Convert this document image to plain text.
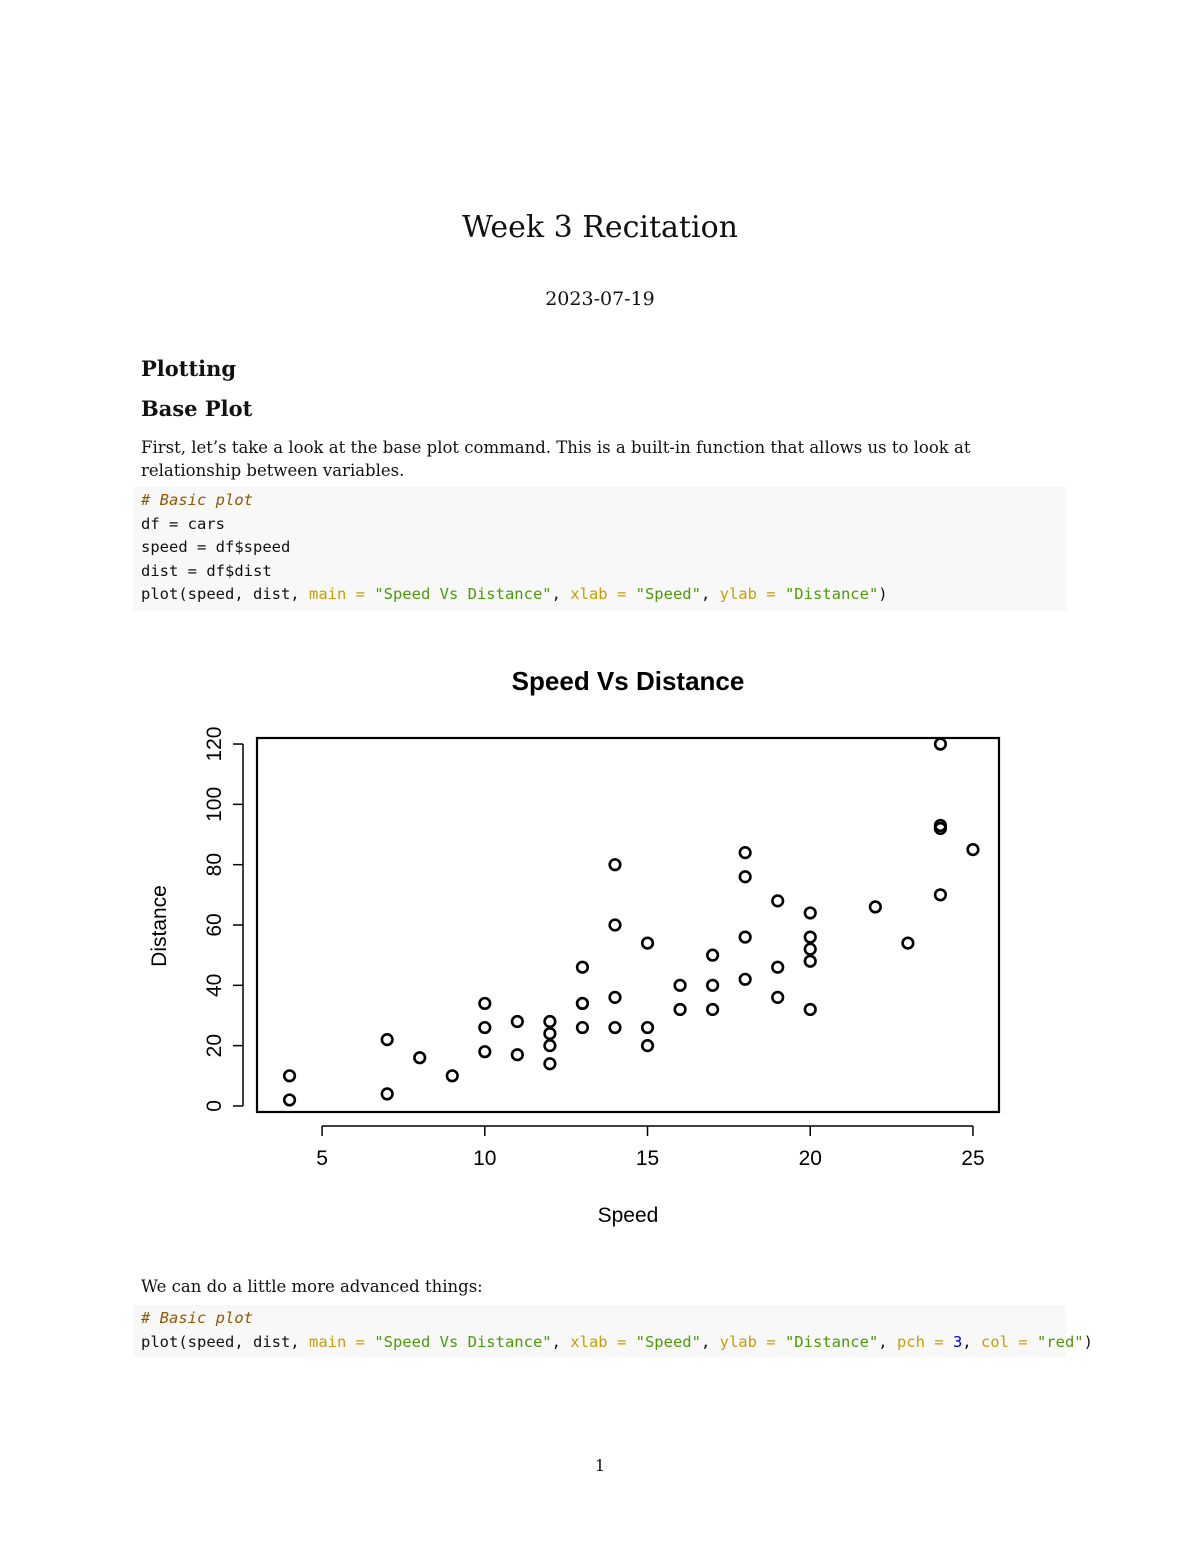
Week 3 Recitation
2023-07-19
Plotting
Base Plot
First, let’s take a look at the base plot command. This is a built-in function that allows us to look at
relationship between variables.
# Basic plot
df = cars
speed = df$speed
dist = df$dist
plot(speed, dist, main = "Speed Vs Distance", xlab = "Speed", ylab = "Distance")
5	10	15	20	25
0
20
40
60
80
100
120
Speed Vs Distance
Speed
Distance
We can do a little more advanced things:
# Basic plot
plot(speed, dist, main = "Speed Vs Distance", xlab = "Speed", ylab = "Distance", pch = 3, col = "red")
1
